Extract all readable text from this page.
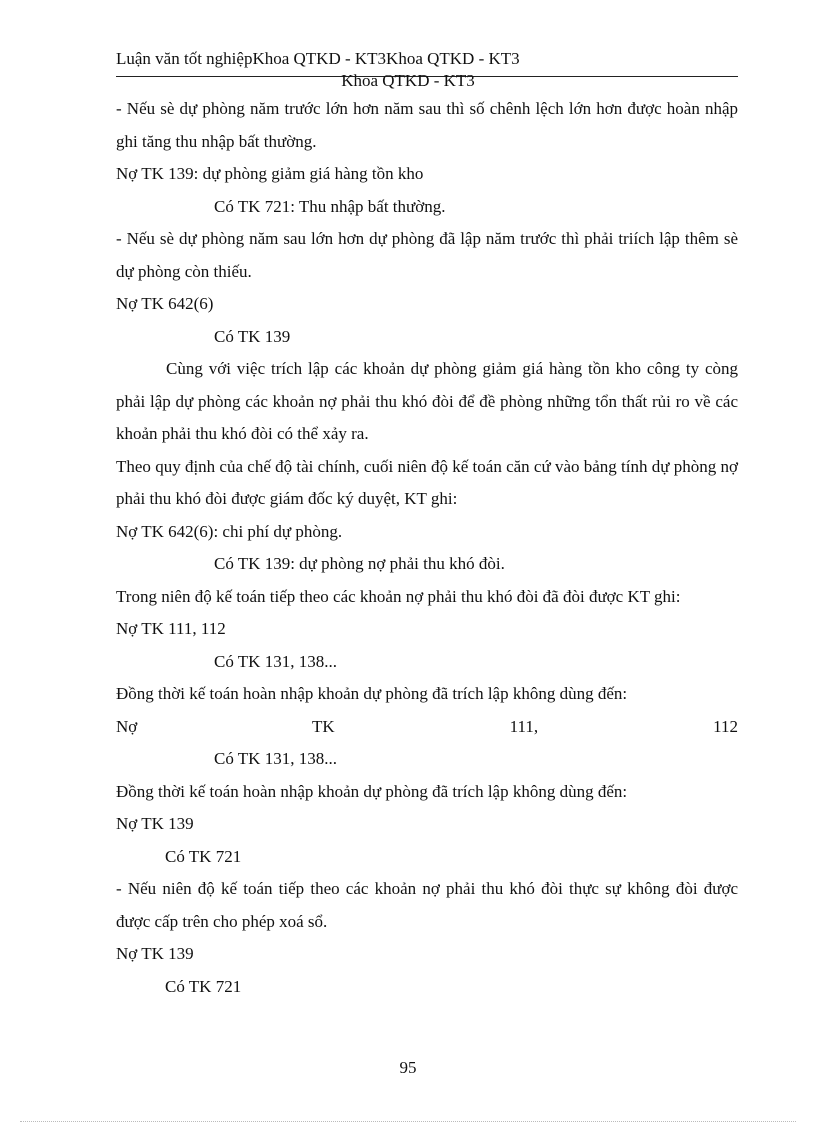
Luận văn tốt nghiệpKhoa QTKD - KT3Khoa QTKD - KT3
Khoa QTKD - KT3

- Nếu sè dự phòng năm trước lớn hơn năm sau thì số chênh lệch lớn hơn được hoàn nhập ghi tăng thu nhập bất thường.

Nợ TK 139: dự phòng giảm giá hàng tồn kho

Có TK 721: Thu nhập bất thường.

- Nếu sè dự phòng năm sau lớn hơn dự phòng đã lập năm trước thì phải triích lập thêm sè dự phòng còn thiếu.

Nợ TK 642(6)

Có TK 139

Cùng với việc trích lập các khoản dự phòng giảm giá hàng tồn kho công ty còng phải lập dự phòng các khoản nợ phải thu khó đòi để đề phòng những tổn thất rủi ro về các khoản phải thu khó đòi có thể xảy ra.

Theo quy định của chế độ tài chính, cuối niên độ kế toán căn cứ vào bảng tính dự phòng nợ phải thu khó đòi được giám đốc ký duyệt, KT ghi:

Nợ TK 642(6): chi phí dự phòng.

Có TK 139: dự phòng nợ phải thu khó đòi.

Trong niên độ kế toán tiếp theo các khoản nợ phải thu khó đòi đã đòi được KT ghi:

Nợ TK 111, 112

Có TK 131, 138...

Đồng thời kế toán hoàn nhập khoản dự phòng đã trích lập không dùng đến:

Nợ TK 111, 112

Có TK 131, 138...

Đồng thời kế toán hoàn nhập khoản dự phòng đã trích lập không dùng đến:

Nợ TK 139

Có TK 721

- Nếu niên độ kế toán tiếp theo các khoản nợ phải thu khó đòi thực sự không đòi được được cấp trên cho phép xoá sổ.

Nợ TK 139

Có TK 721

95
